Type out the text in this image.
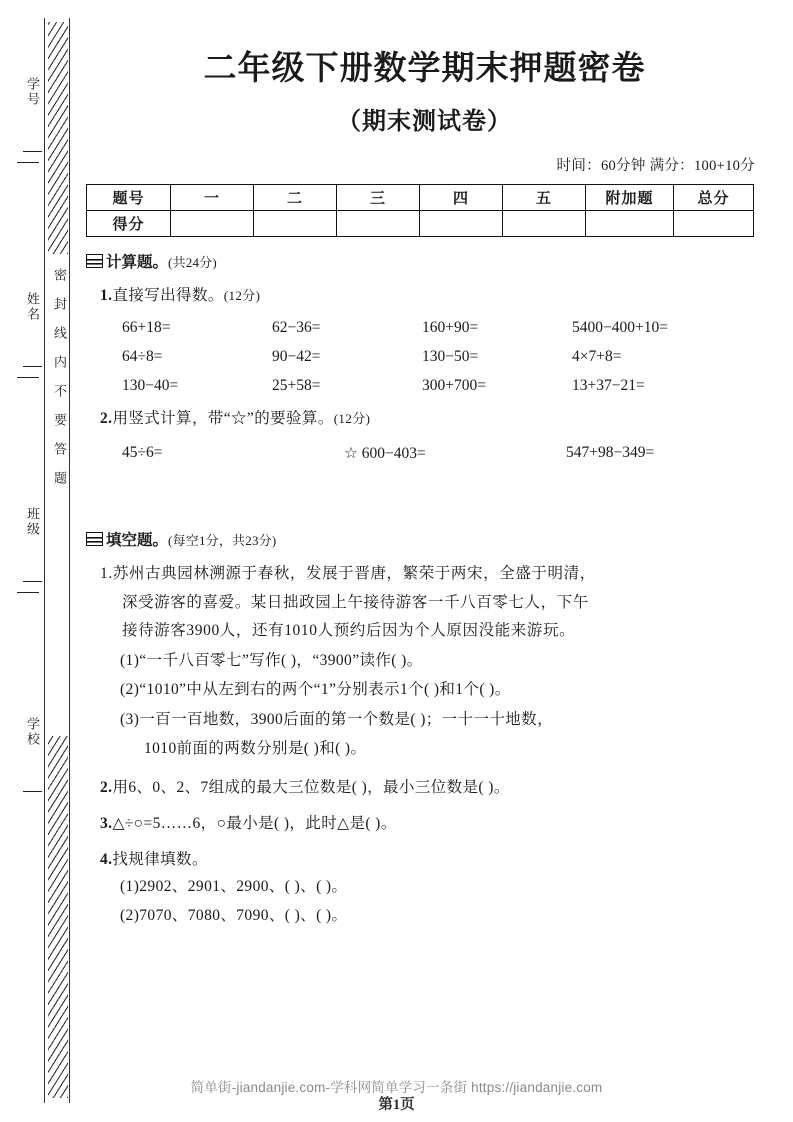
学号
姓名
班级
学校
密封线内不要答题
二年级下册数学期末押题密卷
（期末测试卷）
时间：60分钟 满分：100+10分
题号	一	二	三	四	五	附加题	总分
得分							
计算题。 (共24分)
1.直接写出得数。(12分)
66+18=	62−36=	160+90=	5400−400+10=
64÷8=	90−42=	130−50=	4×7+8=
130−40=	25+58=	300+700=	13+37−21=
2.用竖式计算，带“☆”的要验算。(12分)
45÷6=	☆ 600−403=	547+98−349=
填空题。 (每空1分，共23分)
1.苏州古典园林溯源于春秋，发展于晋唐，繁荣于两宋，全盛于明清，
深受游客的喜爱。某日拙政园上午接待游客一千八百零七人，下午
接待游客3900人，还有1010人预约后因为个人原因没能来游玩。
(1)“一千八百零七”写作( )，“3900”读作( )。
(2)“1010”中从左到右的两个“1”分别表示1个( )和1个( )。
(3)一百一百地数，3900后面的第一个数是( )；一十一十地数，
1010前面的两数分别是( )和( )。
2.用6、0、2、7组成的最大三位数是( )，最小三位数是( )。
3.△÷○=5……6，○最小是( )，此时△是( )。
4.找规律填数。
(1)2902、2901、2900、( )、( )。
(2)7070、7080、7090、( )、( )。
简单街-jiandanjie.com-学科网简单学习一条街 https://jiandanjie.com
第1页
